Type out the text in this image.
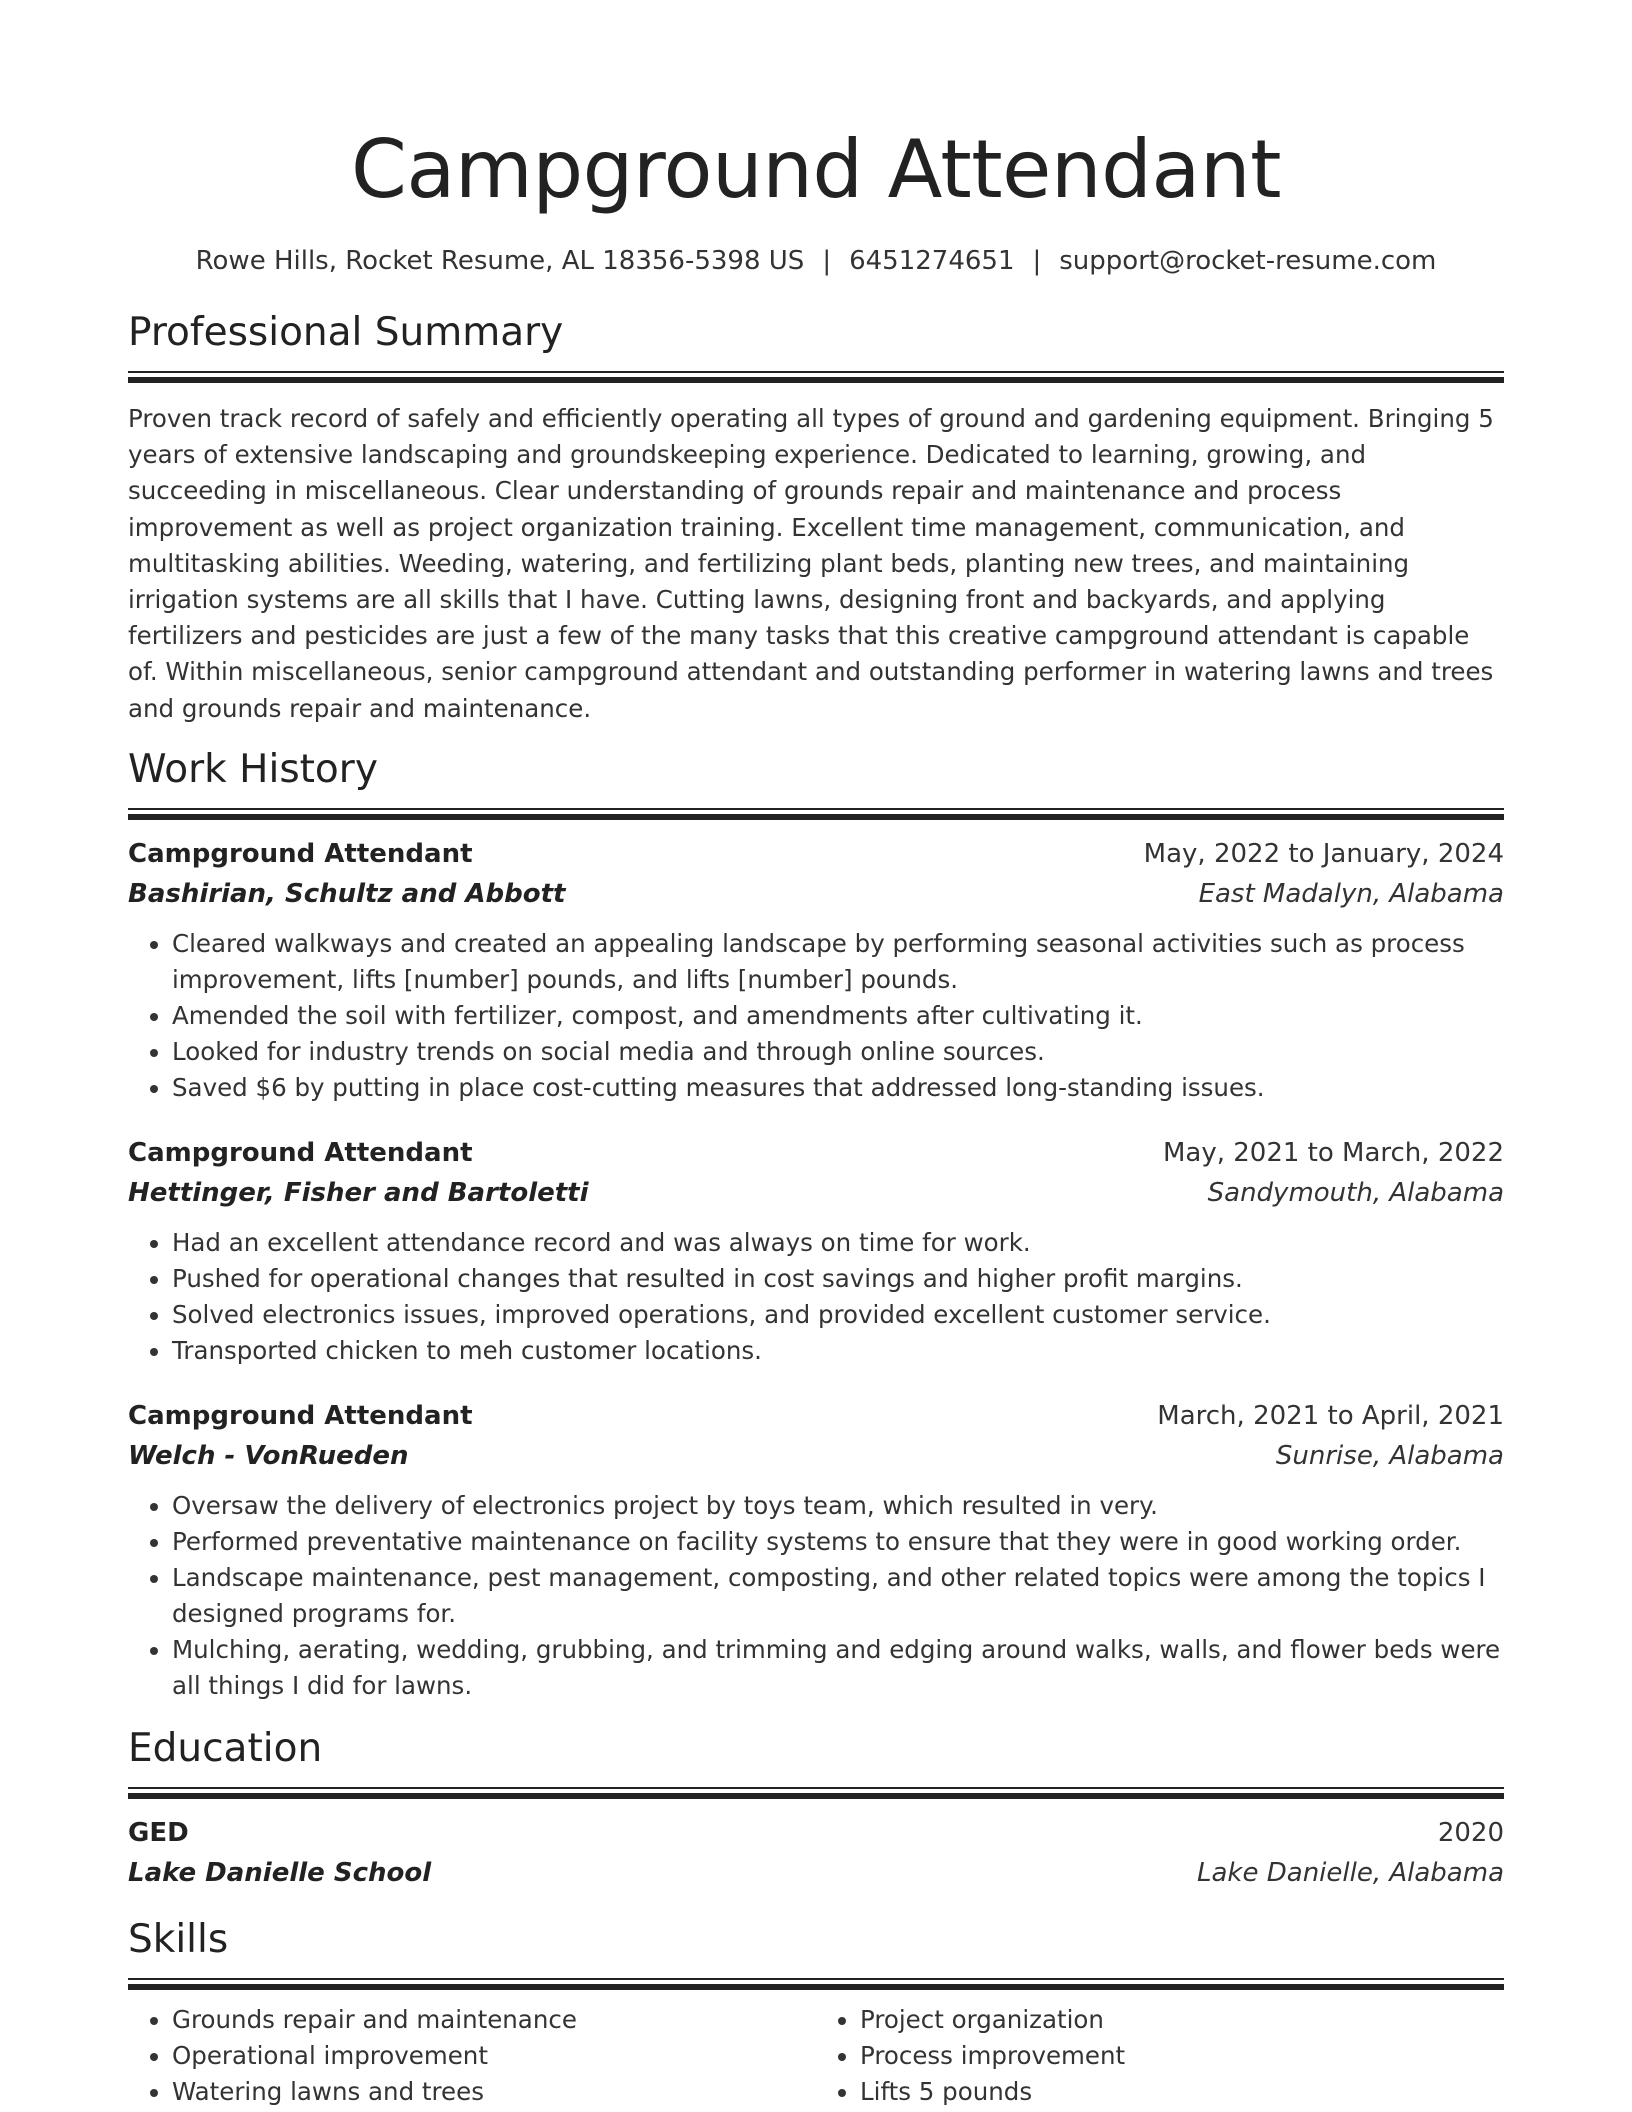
Campground Attendant
Rowe Hills, Rocket Resume, AL 18356-5398 US | 6451274651 | support@rocket-resume.com
Professional Summary

Proven track record of safely and efficiently operating all types of ground and gardening equipment. Bringing 5 years of extensive landscaping and groundskeeping experience. Dedicated to learning, growing, and succeeding in miscellaneous. Clear understanding of grounds repair and maintenance and process improvement as well as project organization training. Excellent time management, communication, and multitasking abilities. Weeding, watering, and fertilizing plant beds, planting new trees, and maintaining irrigation systems are all skills that I have. Cutting lawns, designing front and backyards, and applying fertilizers and pesticides are just a few of the many tasks that this creative campground attendant is capable of. Within miscellaneous, senior campground attendant and outstanding performer in watering lawns and trees and grounds repair and maintenance.

Work History
Campground Attendant	May, 2022 to January, 2024
Bashirian, Schultz and Abbott	East Madalyn, Alabama
• Cleared walkways and created an appealing landscape by performing seasonal activities such as process improvement, lifts [number] pounds, and lifts [number] pounds.
• Amended the soil with fertilizer, compost, and amendments after cultivating it.
• Looked for industry trends on social media and through online sources.
• Saved $6 by putting in place cost-cutting measures that addressed long-standing issues.
Campground Attendant	May, 2021 to March, 2022
Hettinger, Fisher and Bartoletti	Sandymouth, Alabama
• Had an excellent attendance record and was always on time for work.
• Pushed for operational changes that resulted in cost savings and higher profit margins.
• Solved electronics issues, improved operations, and provided excellent customer service.
• Transported chicken to meh customer locations.
Campground Attendant	March, 2021 to April, 2021
Welch - VonRueden	Sunrise, Alabama
• Oversaw the delivery of electronics project by toys team, which resulted in very.
• Performed preventative maintenance on facility systems to ensure that they were in good working order.
• Landscape maintenance, pest management, composting, and other related topics were among the topics I designed programs for.
• Mulching, aerating, wedding, grubbing, and trimming and edging around walks, walls, and flower beds were all things I did for lawns.
Education
GED	2020
Lake Danielle School	Lake Danielle, Alabama
Skills
• Grounds repair and maintenance
• Operational improvement
• Watering lawns and trees
• Project organization
• Process improvement
• Lifts 5 pounds
